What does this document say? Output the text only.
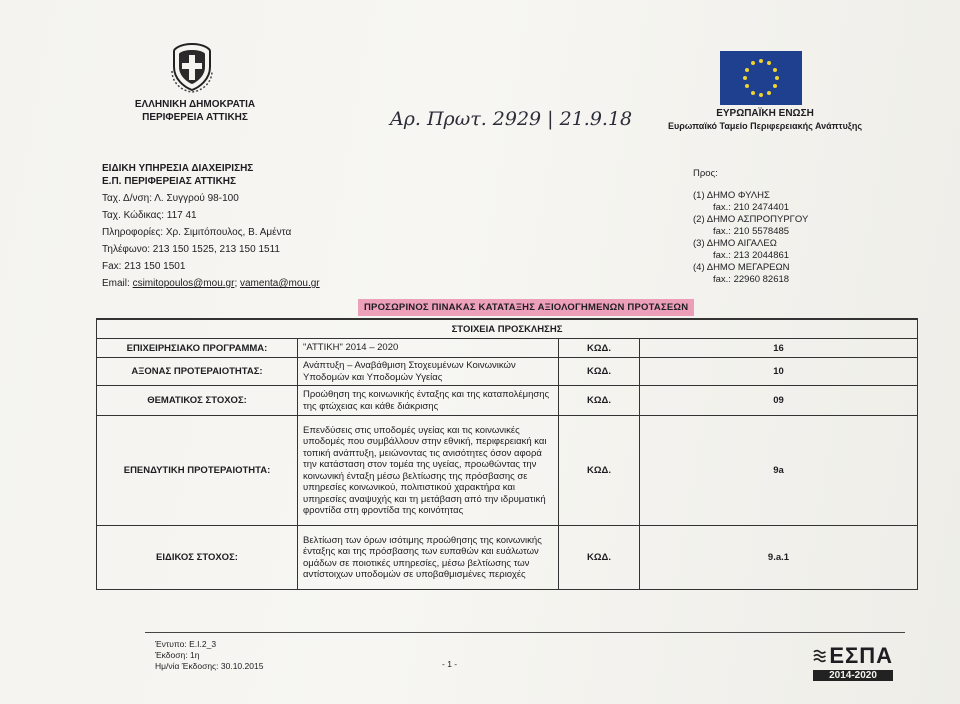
ΕΛΛΗΝΙΚΗ ΔΗΜΟΚΡΑΤΙΑ
ΠΕΡΙΦΕΡΕΙΑ ΑΤΤΙΚΗΣ	Αρ. Πρωτ. 2929 | 21.9.18	ΕΥΡΩΠΑΪΚΗ ΕΝΩΣΗ
Ευρωπαϊκό Ταμείο Περιφερειακής Ανάπτυξης
ΕΙΔΙΚΗ ΥΠΗΡΕΣΙΑ ΔΙΑΧΕΙΡΙΣΗΣ
Ε.Π. ΠΕΡΙΦΕΡΕΙΑΣ ΑΤΤΙΚΗΣ
Ταχ. Δ/νση: Λ. Συγγρού 98-100
Ταχ. Κώδικας: 117 41
Πληροφορίες: Χρ. Σιμιτόπουλος, Β. Αμέντα
Τηλέφωνο: 213 150 1525, 213 150 1511
Fax: 213 150 1501
Email: csimitopoulos@mou.gr; vamenta@mou.gr
Προς:
(1) ΔΗΜΟ ΦΥΛΗΣ
fax.: 210 2474401
(2) ΔΗΜΟ ΑΣΠΡΟΠΥΡΓΟΥ
fax.: 210 5578485
(3) ΔΗΜΟ ΑΙΓΑΛΕΩ
fax.: 213 2044861
(4) ΔΗΜΟ ΜΕΓΑΡΕΩΝ
fax.: 22960 82618
ΠΡΟΣΩΡΙΝΟΣ ΠΙΝΑΚΑΣ ΚΑΤΑΤΑΞΗΣ ΑΞΙΟΛΟΓΗΜΕΝΩΝ ΠΡΟΤΑΣΕΩΝ
ΣΤΟΙΧΕΙΑ ΠΡΟΣΚΛΗΣΗΣ			
ΕΠΙΧΕΙΡΗΣΙΑΚΟ ΠΡΟΓΡΑΜΜΑ:	"ΑΤΤΙΚΗ" 2014 – 2020	ΚΩΔ.	16
ΑΞΟΝΑΣ ΠΡΟΤΕΡΑΙΟΤΗΤΑΣ:	Ανάπτυξη – Αναβάθμιση Στοχευμένων Κοινωνικών Υποδομών και Υποδομών Υγείας	ΚΩΔ.	10
ΘΕΜΑΤΙΚΟΣ ΣΤΟΧΟΣ:	Προώθηση της κοινωνικής ένταξης και της καταπολέμησης της φτώχειας και κάθε διάκρισης	ΚΩΔ.	09
ΕΠΕΝΔΥΤΙΚΗ ΠΡΟΤΕΡΑΙΟΤΗΤΑ:	Επενδύσεις στις υποδομές υγείας και τις κοινωνικές υποδομές που συμβάλλουν στην εθνική, περιφερειακή και τοπική ανάπτυξη, μειώνοντας τις ανισότητες όσον αφορά την κατάσταση στον τομέα της υγείας, προωθώντας την κοινωνική ένταξη μέσω βελτίωσης της πρόσβασης σε υπηρεσίες κοινωνικού, πολιτιστικού χαρακτήρα και υπηρεσίες αναψυχής και τη μετάβαση από την ιδρυματική φροντίδα στη φροντίδα της κοινότητας	ΚΩΔ.	9a
ΕΙΔΙΚΟΣ ΣΤΟΧΟΣ:	Βελτίωση των όρων ισότιμης προώθησης της κοινωνικής ένταξης και της πρόσβασης των ευπαθών και ευάλωτων ομάδων σε ποιοτικές υπηρεσίες, μέσω βελτίωσης των αντίστοιχων υποδομών σε υποβαθμισμένες περιοχές	ΚΩΔ.	9.a.1
Έντυπο: Ε.Ι.2_3
Έκδοση: 1η
Ημ/νία Έκδοσης: 30.10.2015	- 1 -	ΕΣΠΑ
2014-2020
